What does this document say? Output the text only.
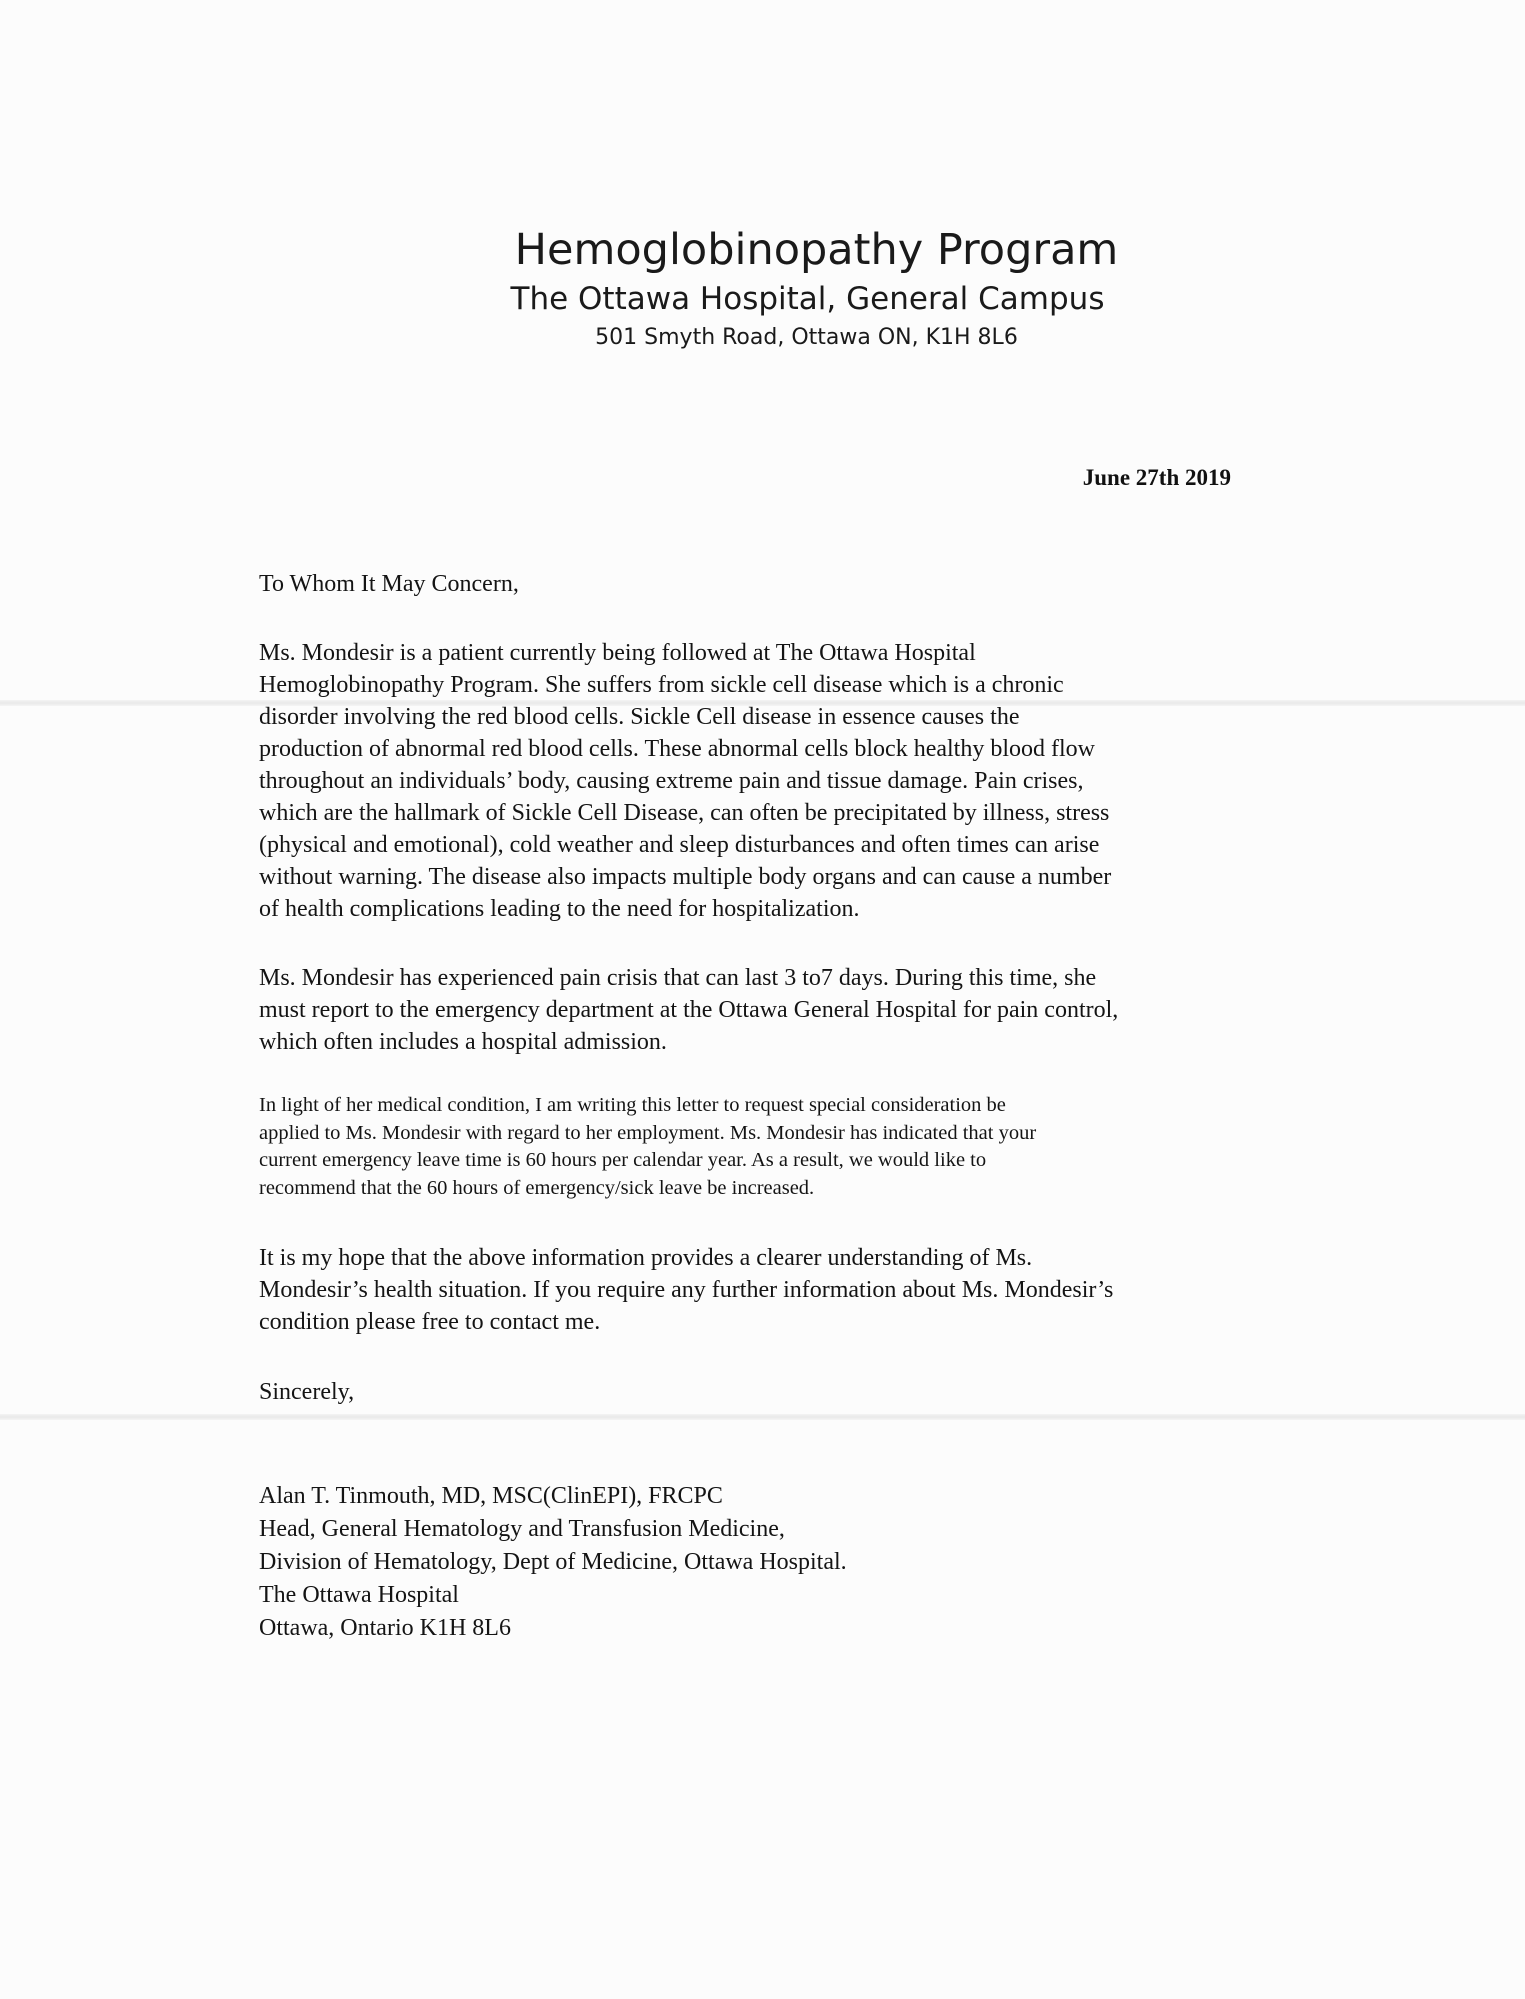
Hemoglobinopathy Program
The Ottawa Hospital, General Campus
501 Smyth Road, Ottawa ON, K1H 8L6
June 27th 2019

To Whom It May Concern,

Ms. Mondesir is a patient currently being followed at The Ottawa Hospital
Hemoglobinopathy Program. She suffers from sickle cell disease which is a chronic
disorder involving the red blood cells. Sickle Cell disease in essence causes the
production of abnormal red blood cells. These abnormal cells block healthy blood flow
throughout an individuals’ body, causing extreme pain and tissue damage. Pain crises,
which are the hallmark of Sickle Cell Disease, can often be precipitated by illness, stress
(physical and emotional), cold weather and sleep disturbances and often times can arise
without warning. The disease also impacts multiple body organs and can cause a number
of health complications leading to the need for hospitalization.

Ms. Mondesir has experienced pain crisis that can last 3 to7 days. During this time, she
must report to the emergency department at the Ottawa General Hospital for pain control,
which often includes a hospital admission.

In light of her medical condition, I am writing this letter to request special consideration be
applied to Ms. Mondesir with regard to her employment. Ms. Mondesir has indicated that your
current emergency leave time is 60 hours per calendar year. As a result, we would like to
recommend that the 60 hours of emergency/sick leave be increased.

It is my hope that the above information provides a clearer understanding of Ms.
Mondesir’s health situation. If you require any further information about Ms. Mondesir’s
condition please free to contact me.

Sincerely,

Alan T. Tinmouth, MD, MSC(ClinEPI), FRCPC
Head, General Hematology and Transfusion Medicine,
Division of Hematology, Dept of Medicine, Ottawa Hospital.
The Ottawa Hospital
Ottawa, Ontario K1H 8L6
